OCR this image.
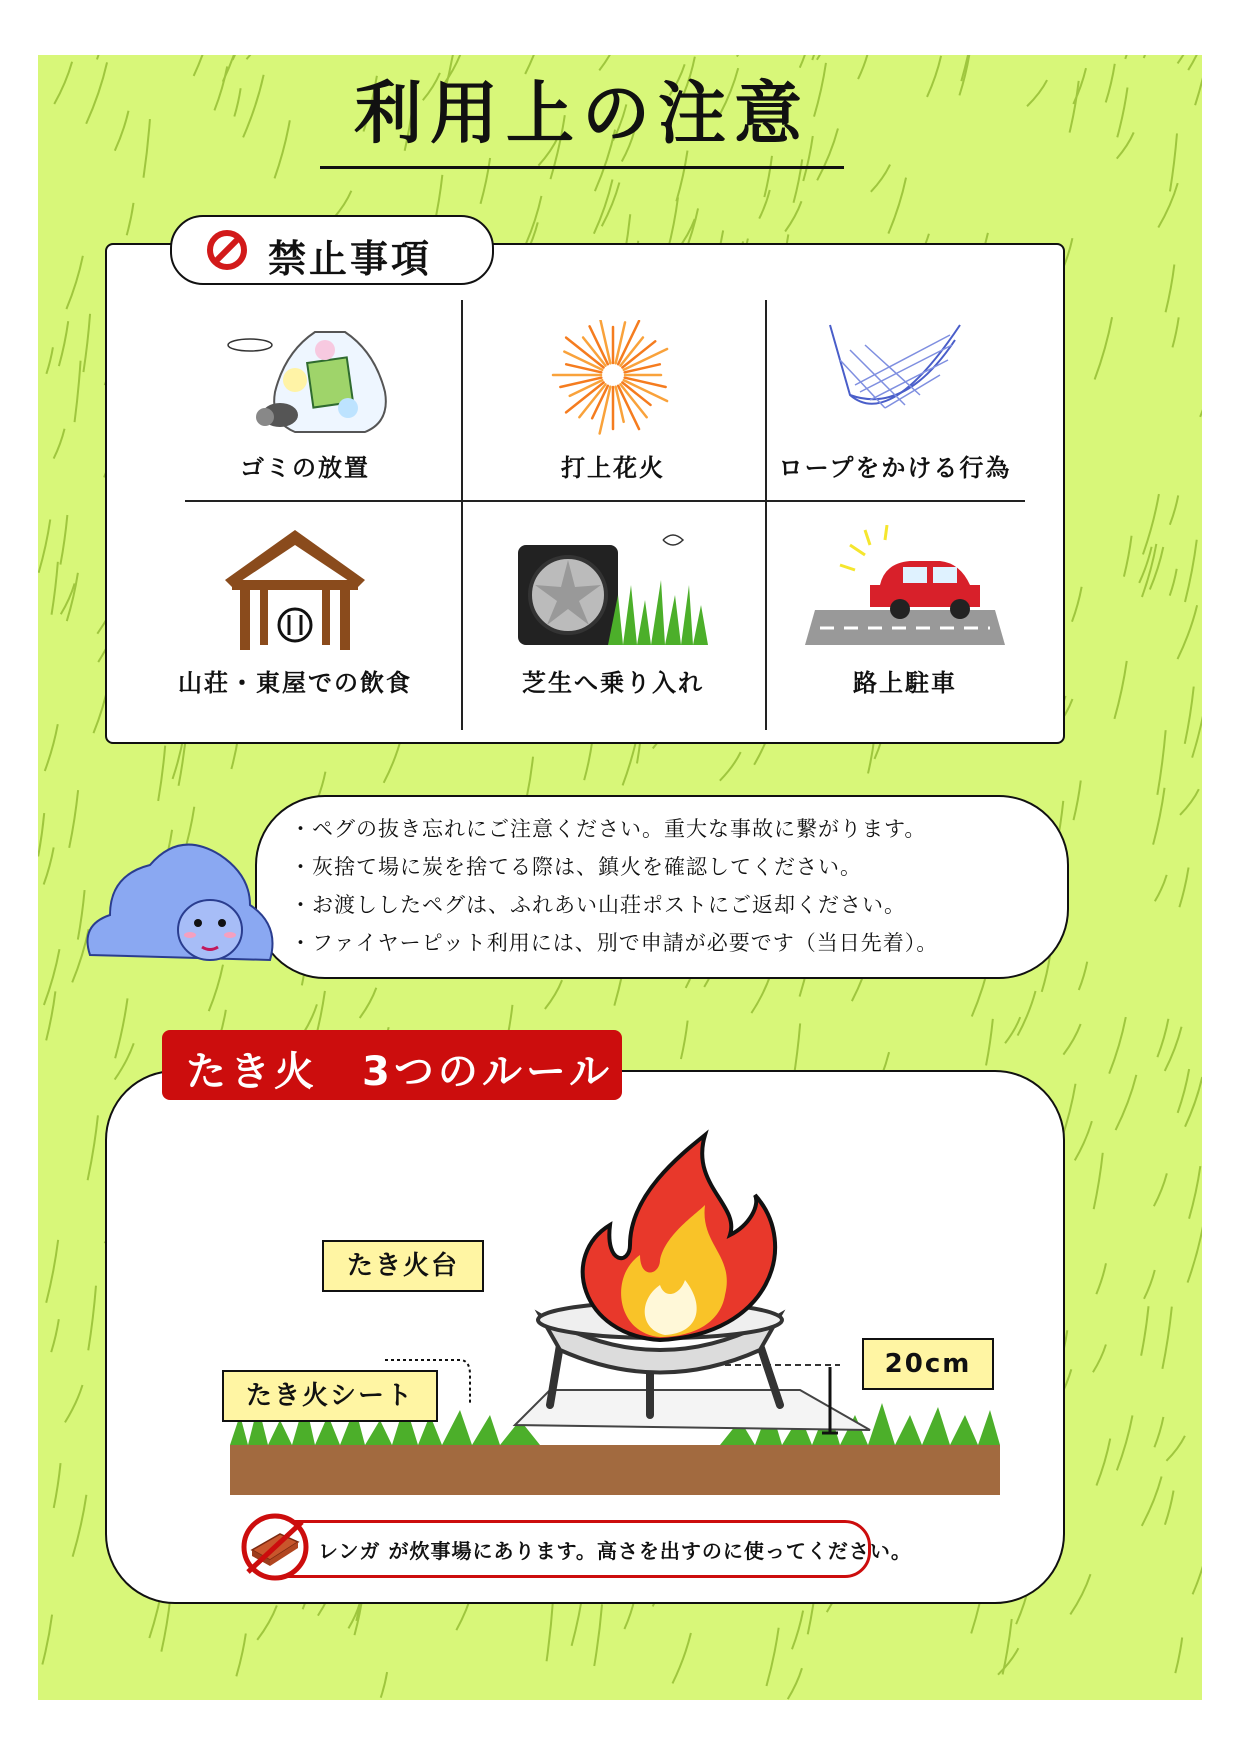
利用上の注意
禁止事項
ゴミの放置	打上花火	ロープをかける行為
山荘・東屋での飲食	芝生へ乗り入れ	路上駐車
・ペグの抜き忘れにご注意ください。重大な事故に繋がります。
・灰捨て場に炭を捨てる際は、鎮火を確認してください。
・お渡ししたペグは、ふれあい山荘ポストにご返却ください。
・ファイヤーピット利用には、別で申請が必要です（当日先着）。
たき火　3つのルール
たき火台
たき火シート
20cm
レンガ が炊事場にあります。高さを出すのに使ってください。
